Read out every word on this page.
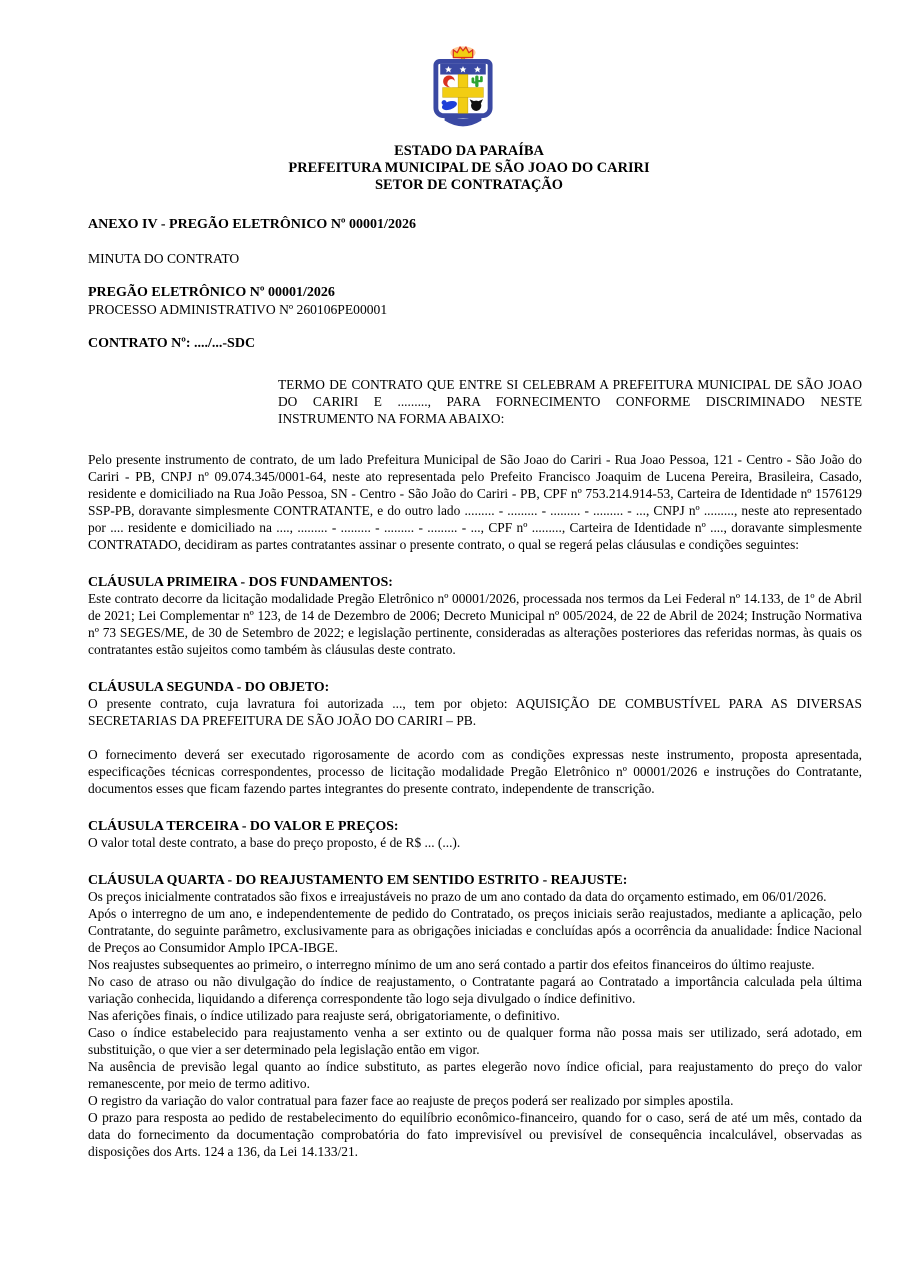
ESTADO DA PARAÍBA
PREFEITURA MUNICIPAL DE SÃO JOAO DO CARIRI
SETOR DE CONTRATAÇÃO
ANEXO IV - PREGÃO ELETRÔNICO Nº 00001/2026
MINUTA DO CONTRATO
PREGÃO ELETRÔNICO Nº 00001/2026
PROCESSO ADMINISTRATIVO Nº 260106PE00001
CONTRATO Nº: ..../...-SDC

TERMO DE CONTRATO QUE ENTRE SI CELEBRAM A PREFEITURA MUNICIPAL DE SÃO JOAO DO CARIRI E ........., PARA FORNECIMENTO CONFORME DISCRIMINADO NESTE INSTRUMENTO NA FORMA ABAIXO:

Pelo presente instrumento de contrato, de um lado Prefeitura Municipal de São Joao do Cariri - Rua Joao Pessoa, 121 - Centro - São João do Cariri - PB, CNPJ nº 09.074.345/0001-64, neste ato representada pelo Prefeito Francisco Joaquim de Lucena Pereira, Brasileira, Casado, residente e domiciliado na Rua João Pessoa, SN - Centro - São João do Cariri - PB, CPF nº 753.214.914-53, Carteira de Identidade nº 1576129 SSP-PB, doravante simplesmente CONTRATANTE, e do outro lado ......... - ......... - ......... - ......... - ..., CNPJ nº ........., neste ato representado por .... residente e domiciliado na ...., ......... - ......... - ......... - ......... - ..., CPF nº ........., Carteira de Identidade nº ...., doravante simplesmente CONTRATADO, decidiram as partes contratantes assinar o presente contrato, o qual se regerá pelas cláusulas e condições seguintes:

CLÁUSULA PRIMEIRA - DOS FUNDAMENTOS:

Este contrato decorre da licitação modalidade Pregão Eletrônico nº 00001/2026, processada nos termos da Lei Federal nº 14.133, de 1º de Abril de 2021; Lei Complementar nº 123, de 14 de Dezembro de 2006; Decreto Municipal nº 005/2024, de 22 de Abril de 2024; Instrução Normativa nº 73 SEGES/ME, de 30 de Setembro de 2022; e legislação pertinente, consideradas as alterações posteriores das referidas normas, às quais os contratantes estão sujeitos como também às cláusulas deste contrato.

CLÁUSULA SEGUNDA - DO OBJETO:

O presente contrato, cuja lavratura foi autorizada ..., tem por objeto: AQUISIÇÃO DE COMBUSTÍVEL PARA AS DIVERSAS SECRETARIAS DA PREFEITURA DE SÃO JOÃO DO CARIRI – PB.

O fornecimento deverá ser executado rigorosamente de acordo com as condições expressas neste instrumento, proposta apresentada, especificações técnicas correspondentes, processo de licitação modalidade Pregão Eletrônico nº 00001/2026 e instruções do Contratante, documentos esses que ficam fazendo partes integrantes do presente contrato, independente de transcrição.

CLÁUSULA TERCEIRA - DO VALOR E PREÇOS:

O valor total deste contrato, a base do preço proposto, é de R$ ... (...).

CLÁUSULA QUARTA - DO REAJUSTAMENTO EM SENTIDO ESTRITO - REAJUSTE:

Os preços inicialmente contratados são fixos e irreajustáveis no prazo de um ano contado da data do orçamento estimado, em 06/01/2026.

Após o interregno de um ano, e independentemente de pedido do Contratado, os preços iniciais serão reajustados, mediante a aplicação, pelo Contratante, do seguinte parâmetro, exclusivamente para as obrigações iniciadas e concluídas após a ocorrência da anualidade: Índice Nacional de Preços ao Consumidor Amplo IPCA-IBGE.

Nos reajustes subsequentes ao primeiro, o interregno mínimo de um ano será contado a partir dos efeitos financeiros do último reajuste.

No caso de atraso ou não divulgação do índice de reajustamento, o Contratante pagará ao Contratado a importância calculada pela última variação conhecida, liquidando a diferença correspondente tão logo seja divulgado o índice definitivo.

Nas aferições finais, o índice utilizado para reajuste será, obrigatoriamente, o definitivo.

Caso o índice estabelecido para reajustamento venha a ser extinto ou de qualquer forma não possa mais ser utilizado, será adotado, em substituição, o que vier a ser determinado pela legislação então em vigor.

Na ausência de previsão legal quanto ao índice substituto, as partes elegerão novo índice oficial, para reajustamento do preço do valor remanescente, por meio de termo aditivo.

O registro da variação do valor contratual para fazer face ao reajuste de preços poderá ser realizado por simples apostila.

O prazo para resposta ao pedido de restabelecimento do equilíbrio econômico-financeiro, quando for o caso, será de até um mês, contado da data do fornecimento da documentação comprobatória do fato imprevisível ou previsível de consequência incalculável, observadas as disposições dos Arts. 124 a 136, da Lei 14.133/21.
